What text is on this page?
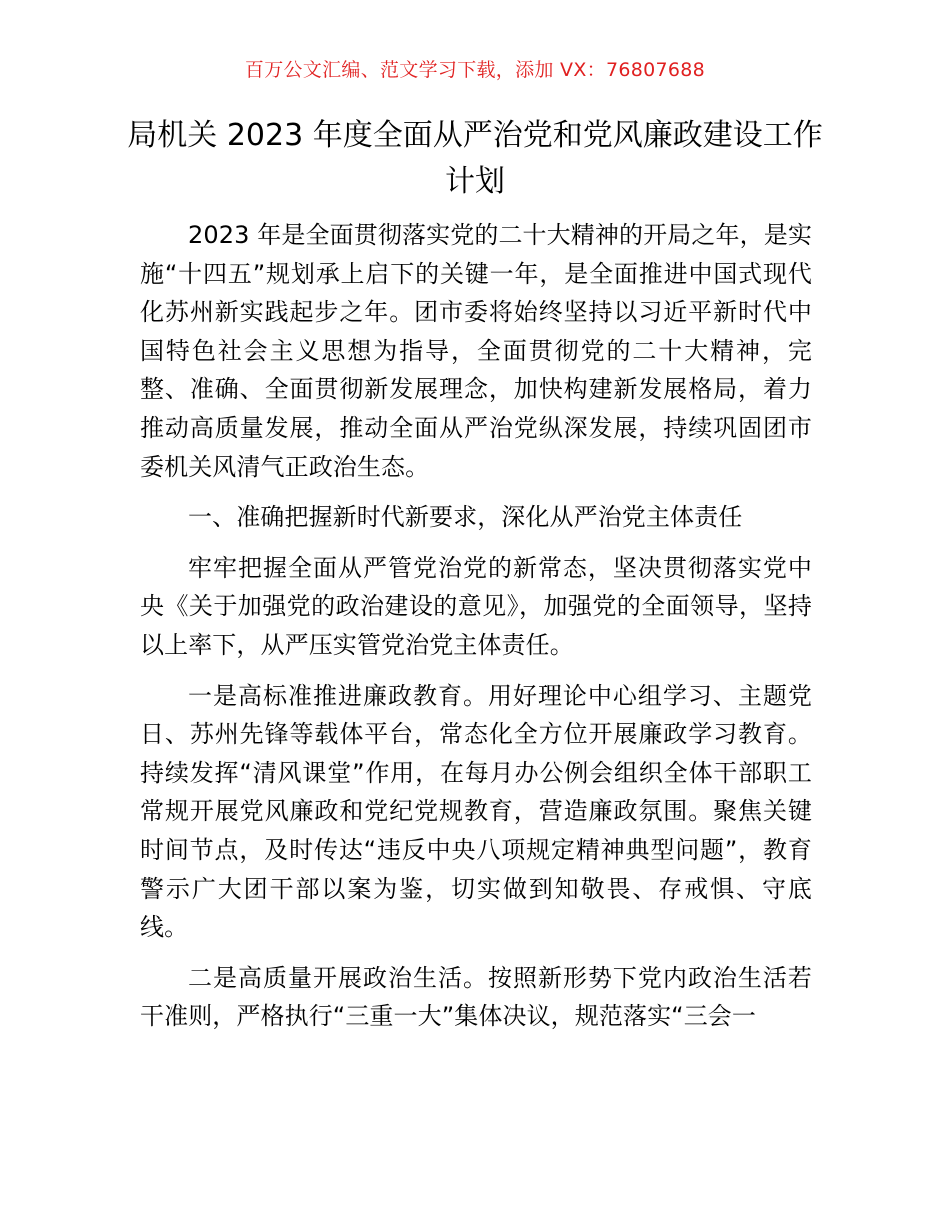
百万公文汇编、范文学习下载，添加 VX：76807688
局机关 2023 年度全面从严治党和党风廉政建设工作计划

2023 年是全面贯彻落实党的二十大精神的开局之年，是实施“十四五”规划承上启下的关键一年，是全面推进中国式现代化苏州新实践起步之年。团市委将始终坚持以习近平新时代中国特色社会主义思想为指导，全面贯彻党的二十大精神，完整、准确、全面贯彻新发展理念，加快构建新发展格局，着力推动高质量发展，推动全面从严治党纵深发展，持续巩固团市委机关风清气正政治生态。

一、准确把握新时代新要求，深化从严治党主体责任

牢牢把握全面从严管党治党的新常态，坚决贯彻落实党中央《关于加强党的政治建设的意见》，加强党的全面领导，坚持以上率下，从严压实管党治党主体责任。

一是高标准推进廉政教育。用好理论中心组学习、主题党日、苏州先锋等载体平台，常态化全方位开展廉政学习教育。持续发挥“清风课堂”作用，在每月办公例会组织全体干部职工常规开展党风廉政和党纪党规教育，营造廉政氛围。聚焦关键时间节点，及时传达“违反中央八项规定精神典型问题”，教育警示广大团干部以案为鉴，切实做到知敬畏、存戒惧、守底线。

二是高质量开展政治生活。按照新形势下党内政治生活若干准则，严格执行“三重一大”集体决议，规范落实“三会一
